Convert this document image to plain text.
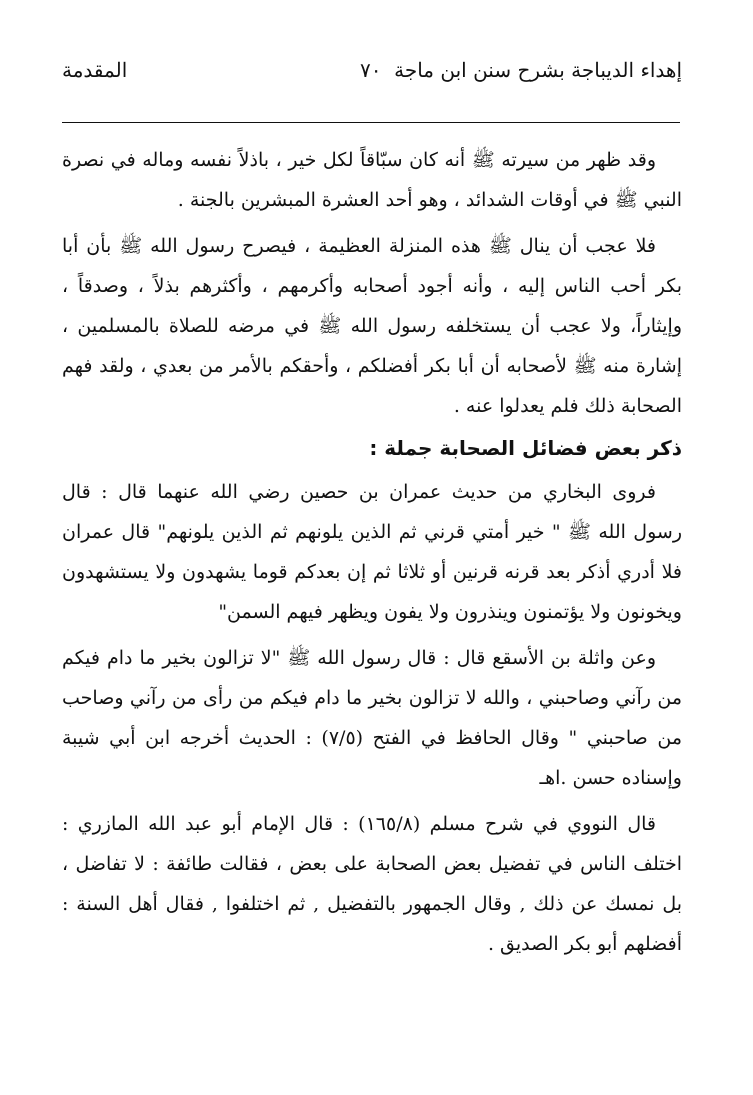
إهداء الديباجة بشرح سنن ابن ماجة
٧٠
المقدمة

وقد ظهر من سيرته ﷺ أنه كان سبّاقاً لكل خير ، باذلاً نفسه وماله في نصرة النبي ﷺ في أوقات الشدائد ، وهو أحد العشرة المبشرين بالجنة .

فلا عجب أن ينال ﷺ هذه المنزلة العظيمة ، فيصرح رسول الله ﷺ بأن أبا بكر أحب الناس إليه ، وأنه أجود أصحابه وأكرمهم ، وأكثرهم بذلاً ، وصدقاً ، وإيثاراً، ولا عجب أن يستخلفه رسول الله ﷺ في مرضه للصلاة بالمسلمين ، إشارة منه ﷺ لأصحابه أن أبا بكر أفضلكم ، وأحقكم بالأمر من بعدي ، ولقد فهم الصحابة ذلك فلم يعدلوا عنه .

ذكر بعض فضائل الصحابة جملة :

فروى البخاري من حديث عمران بن حصين رضي الله عنهما قال : قال رسول الله ﷺ " خير أمتي قرني ثم الذين يلونهم ثم الذين يلونهم" قال عمران فلا أدري أذكر بعد قرنه قرنين أو ثلاثا ثم إن بعدكم قوما يشهدون ولا يستشهدون ويخونون ولا يؤتمنون وينذرون ولا يفون ويظهر فيهم السمن"

وعن واثلة بن الأسقع قال : قال رسول الله ﷺ "لا تزالون بخير ما دام فيكم من رآني وصاحبني ، والله لا تزالون بخير ما دام فيكم من رأى من رآني وصاحب من صاحبني " وقال الحافظ في الفتح (٧/٥) : الحديث أخرجه ابن أبي شيبة وإسناده حسن .اهـ

قال النووي في شرح مسلم (١٦٥/٨) : قال الإمام أبو عبد الله المازري : اختلف الناس في تفضيل بعض الصحابة على بعض ، فقالت طائفة : لا تفاضل ، بل نمسك عن ذلك , وقال الجمهور بالتفضيل , ثم اختلفوا , فقال أهل السنة : أفضلهم أبو بكر الصديق .
